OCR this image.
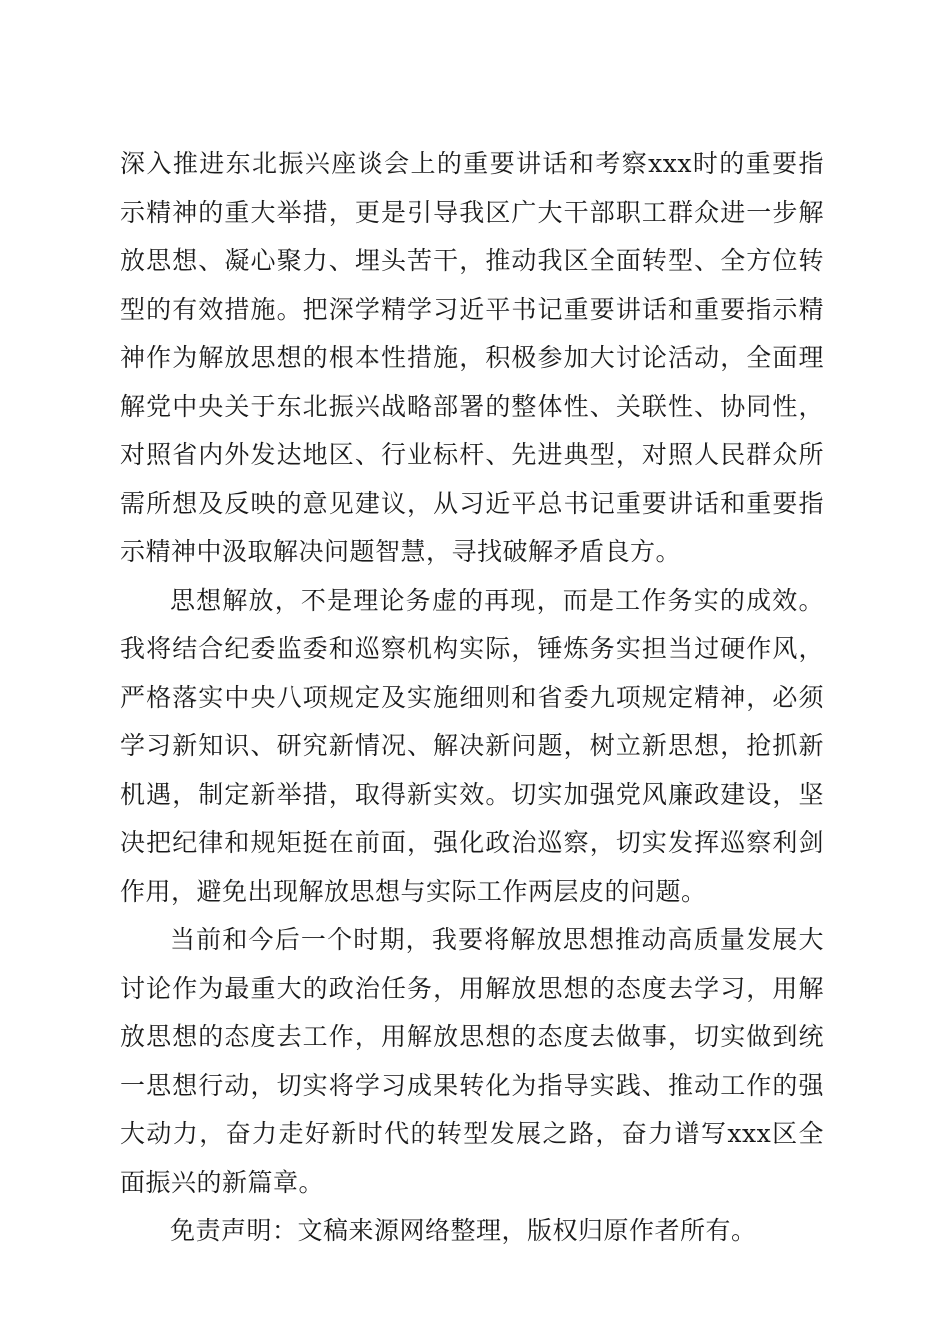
深入推进东北振兴座谈会上的重要讲话和考察xxx时的重要指示精神的重大举措，更是引导我区广大干部职工群众进一步解放思想、凝心聚力、埋头苦干，推动我区全面转型、全方位转型的有效措施。把深学精学习近平书记重要讲话和重要指示精神作为解放思想的根本性措施，积极参加大讨论活动，全面理解党中央关于东北振兴战略部署的整体性、关联性、协同性，对照省内外发达地区、行业标杆、先进典型，对照人民群众所需所想及反映的意见建议，从习近平总书记重要讲话和重要指示精神中汲取解决问题智慧，寻找破解矛盾良方。

思想解放，不是理论务虚的再现，而是工作务实的成效。我将结合纪委监委和巡察机构实际，锤炼务实担当过硬作风，严格落实中央八项规定及实施细则和省委九项规定精神，必须学习新知识、研究新情况、解决新问题，树立新思想，抢抓新机遇，制定新举措，取得新实效。切实加强党风廉政建设，坚决把纪律和规矩挺在前面，强化政治巡察，切实发挥巡察利剑作用，避免出现解放思想与实际工作两层皮的问题。

当前和今后一个时期，我要将解放思想推动高质量发展大讨论作为最重大的政治任务，用解放思想的态度去学习，用解放思想的态度去工作，用解放思想的态度去做事，切实做到统一思想行动，切实将学习成果转化为指导实践、推动工作的强大动力，奋力走好新时代的转型发展之路，奋力谱写xxx区全面振兴的新篇章。

免责声明：文稿来源网络整理，版权归原作者所有。
